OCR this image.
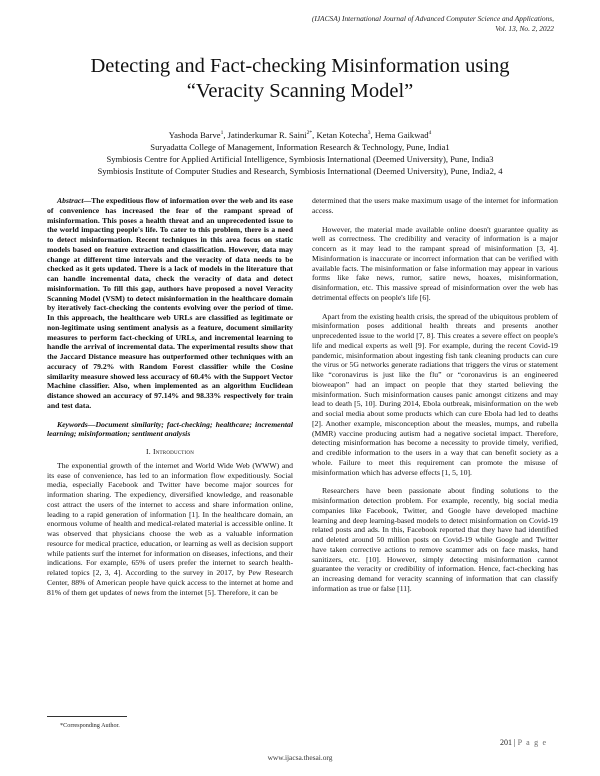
(IJACSA) International Journal of Advanced Computer Science and Applications,
Vol. 13, No. 2, 2022
Detecting and Fact-checking Misinformation using
“Veracity Scanning Model”
Yashoda Barve$^1$, Jatinderkumar R. Saini$^{2*}$, Ketan Kotecha$^3$, Hema Gaikwad$^4$

Suryadatta College of Management, Information Research & Technology, Pune, India1

Symbiosis Centre for Applied Artificial Intelligence, Symbiosis International (Deemed University), Pune, India3

Symbiosis Institute of Computer Studies and Research, Symbiosis International (Deemed University), Pune, India2, 4

Abstract—The expeditious flow of information over the web and its ease of convenience has increased the fear of the rampant spread of misinformation. This poses a health threat and an unprecedented issue to the world impacting people's life. To cater to this problem, there is a need to detect misinformation. Recent techniques in this area focus on static models based on feature extraction and classification. However, data may change at different time intervals and the veracity of data needs to be checked as it gets updated. There is a lack of models in the literature that can handle incremental data, check the veracity of data and detect misinformation. To fill this gap, authors have proposed a novel Veracity Scanning Model (VSM) to detect misinformation in the healthcare domain by iteratively fact-checking the contents evolving over the period of time. In this approach, the healthcare web URLs are classified as legitimate or non-legitimate using sentiment analysis as a feature, document similarity measures to perform fact-checking of URLs, and incremental learning to handle the arrival of incremental data. The experimental results show that the Jaccard Distance measure has outperformed other techniques with an accuracy of 79.2% with Random Forest classifier while the Cosine similarity measure showed less accuracy of 60.4% with the Support Vector Machine classifier. Also, when implemented as an algorithm Euclidean distance showed an accuracy of 97.14% and 98.33% respectively for train and test data.

Keywords—Document similarity; fact-checking; healthcare; incremental learning; misinformation; sentiment analysis

I. Introduction

The exponential growth of the internet and World Wide Web (WWW) and its ease of convenience, has led to an information flow expeditiously. Social media, especially Facebook and Twitter have become major sources for information sharing. The expediency, diversified knowledge, and reasonable cost attract the users of the internet to access and share information online, leading to a rapid generation of information [1]. In the healthcare domain, an enormous volume of health and medical-related material is accessible online. It was observed that physicians choose the web as a valuable information resource for medical practice, education, or learning as well as decision support while patients surf the internet for information on diseases, infections, and their indications. For example, 65% of users prefer the internet to search health-related topics [2, 3, 4]. According to the survey in 2017, by Pew Research Center, 88% of American people have quick access to the internet at home and 81% of them get updates of news from the internet [5]. Therefore, it can be

determined that the users make maximum usage of the internet for information access.

However, the material made available online doesn't guarantee quality as well as correctness. The credibility and veracity of information is a major concern as it may lead to the rampant spread of misinformation [3, 4]. Misinformation is inaccurate or incorrect information that can be verified with available facts. The misinformation or false information may appear in various forms like fake news, rumor, satire news, hoaxes, misinformation, disinformation, etc. This massive spread of misinformation over the web has detrimental effects on people's life [6].

Apart from the existing health crisis, the spread of the ubiquitous problem of misinformation poses additional health threats and presents another unprecedented issue to the world [7, 8]. This creates a severe effect on people's life and medical experts as well [9]. For example, during the recent Covid-19 pandemic, misinformation about ingesting fish tank cleaning products can cure the virus or 5G networks generate radiations that triggers the virus or statement like “coronavirus is just like the flu” or “coronavirus is an engineered bioweapon” had an impact on people that they started believing the misinformation. Such misinformation causes panic amongst citizens and may lead to death [5, 10]. During 2014, Ebola outbreak, misinformation on the web and social media about some products which can cure Ebola had led to deaths [2]. Another example, misconception about the measles, mumps, and rubella (MMR) vaccine producing autism had a negative societal impact. Therefore, detecting misinformation has become a necessity to provide timely, verified, and credible information to the users in a way that can benefit society as a whole. Failure to meet this requirement can promote the misuse of misinformation which has adverse effects [1, 5, 10].

Researchers have been passionate about finding solutions to the misinformation detection problem. For example, recently, big social media companies like Facebook, Twitter, and Google have developed machine learning and deep learning-based models to detect misinformation on Covid-19 related posts and ads. In this, Facebook reported that they have had identified and deleted around 50 million posts on Covid-19 while Google and Twitter have taken corrective actions to remove scammer ads on face masks, hand sanitizers, etc. [10]. However, simply detecting misinformation cannot guarantee the veracity or credibility of information. Hence, fact-checking has an increasing demand for veracity scanning of information that can classify information as true or false [11].

*Corresponding Author.
201 | P a g e
www.ijacsa.thesai.org
